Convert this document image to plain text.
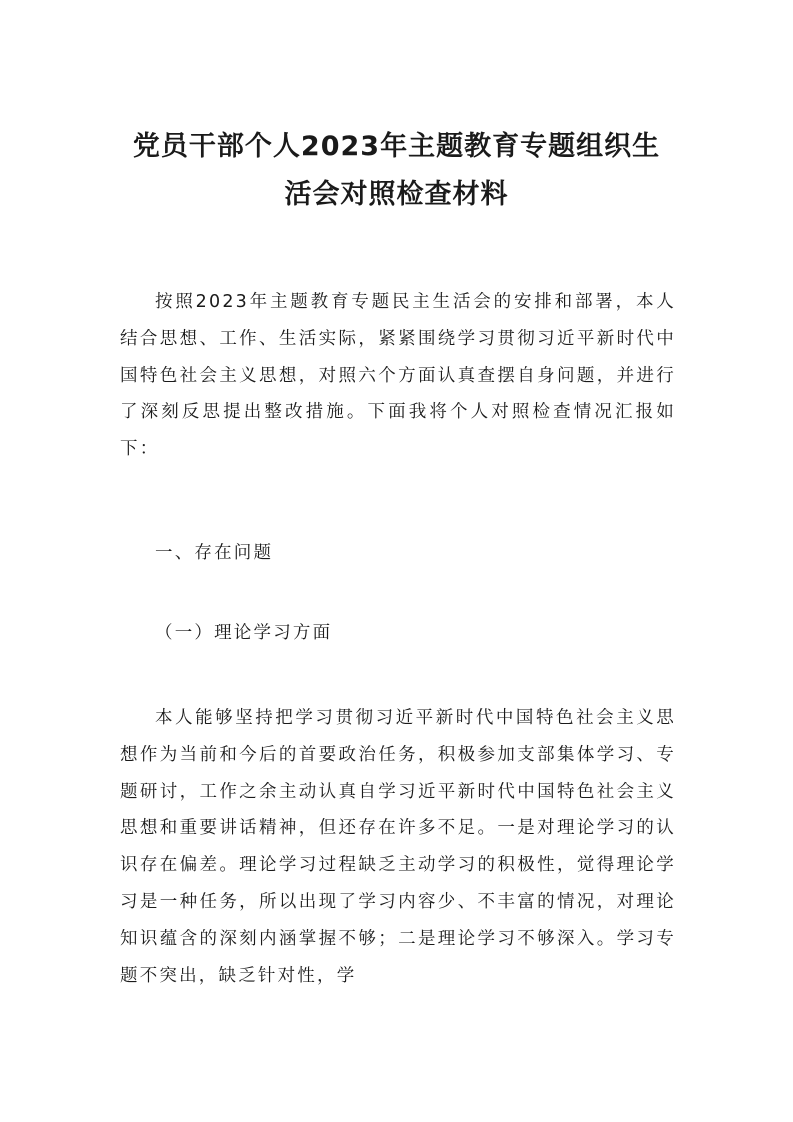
党员干部个人2023年主题教育专题组织生
活会对照检查材料

按照2023年主题教育专题民主生活会的安排和部署，本人结合思想、工作、生活实际，紧紧围绕学习贯彻习近平新时代中国特色社会主义思想，对照六个方面认真查摆自身问题，并进行了深刻反思提出整改措施。下面我将个人对照检查情况汇报如下：

一、存在问题

（一）理论学习方面

本人能够坚持把学习贯彻习近平新时代中国特色社会主义思想作为当前和今后的首要政治任务，积极参加支部集体学习、专题研讨，工作之余主动认真自学习近平新时代中国特色社会主义思想和重要讲话精神，但还存在许多不足。一是对理论学习的认识存在偏差。理论学习过程缺乏主动学习的积极性，觉得理论学习是一种任务，所以出现了学习内容少、不丰富的情况，对理论知识蕴含的深刻内涵掌握不够；二是理论学习不够深入。学习专题不突出，缺乏针对性，学
